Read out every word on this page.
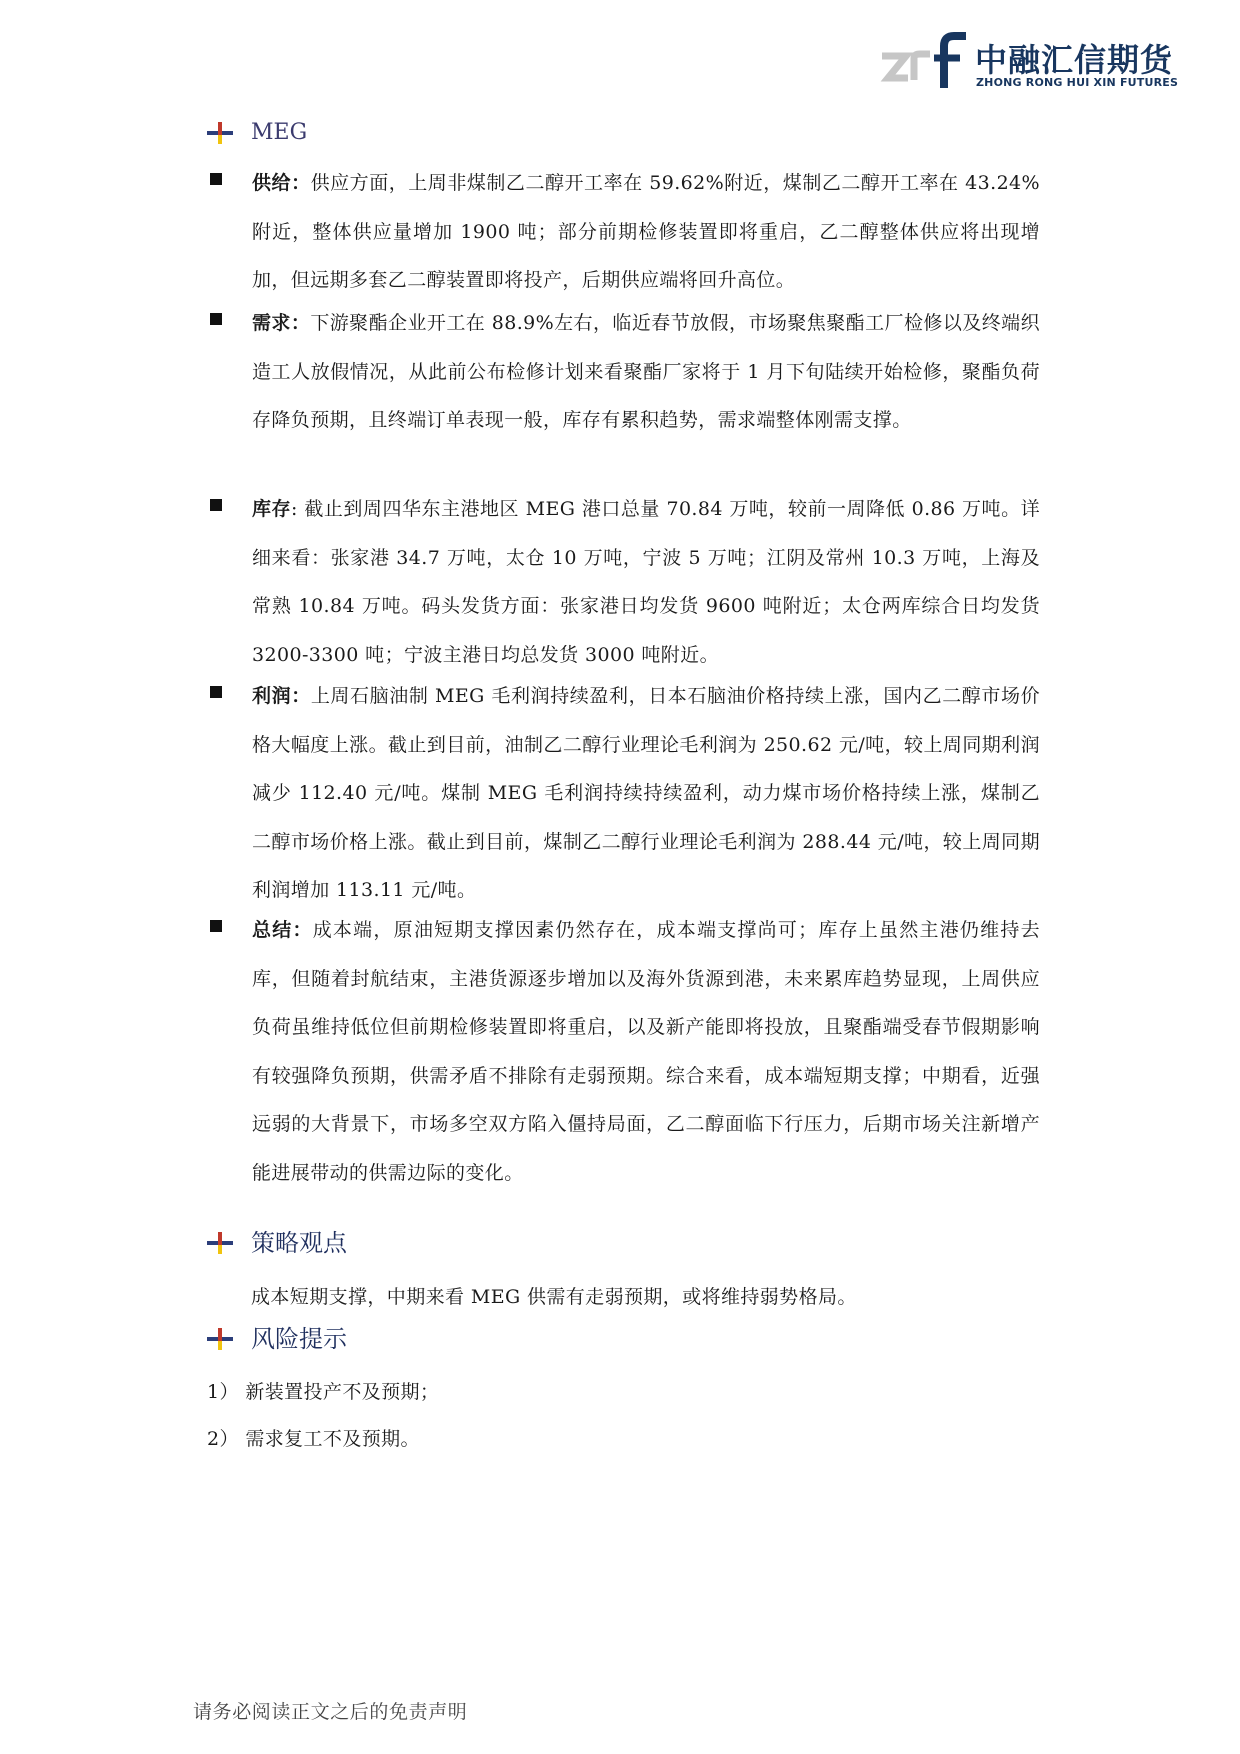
中融汇信期货
ZHONG RONG HUI XIN FUTURES
MEG
供给：供应方面，上周非煤制乙二醇开工率在 59.62%附近，煤制乙二醇开工率在 43.24%附近，整体供应量增加 1900 吨；部分前期检修装置即将重启，乙二醇整体供应将出现增加，但远期多套乙二醇装置即将投产，后期供应端将回升高位。
需求：下游聚酯企业开工在 88.9%左右，临近春节放假，市场聚焦聚酯工厂检修以及终端织造工人放假情况，从此前公布检修计划来看聚酯厂家将于 1 月下旬陆续开始检修，聚酯负荷存降负预期，且终端订单表现一般，库存有累积趋势，需求端整体刚需支撑。
库存: 截止到周四华东主港地区 MEG 港口总量 70.84 万吨，较前一周降低 0.86 万吨。详细来看：张家港 34.7 万吨，太仓 10 万吨，宁波 5 万吨；江阴及常州 10.3 万吨，上海及常熟 10.84 万吨。码头发货方面：张家港日均发货 9600 吨附近；太仓两库综合日均发货 3200-3300 吨；宁波主港日均总发货 3000 吨附近。
利润：上周石脑油制 MEG 毛利润持续盈利，日本石脑油价格持续上涨，国内乙二醇市场价格大幅度上涨。截止到目前，油制乙二醇行业理论毛利润为 250.62 元/吨，较上周同期利润减少 112.40 元/吨。煤制 MEG 毛利润持续持续盈利，动力煤市场价格持续上涨，煤制乙二醇市场价格上涨。截止到目前，煤制乙二醇行业理论毛利润为 288.44 元/吨，较上周同期利润增加 113.11 元/吨。
总结：成本端，原油短期支撑因素仍然存在，成本端支撑尚可；库存上虽然主港仍维持去库，但随着封航结束，主港货源逐步增加以及海外货源到港，未来累库趋势显现，上周供应负荷虽维持低位但前期检修装置即将重启，以及新产能即将投放，且聚酯端受春节假期影响有较强降负预期，供需矛盾不排除有走弱预期。综合来看，成本端短期支撑；中期看，近强远弱的大背景下，市场多空双方陷入僵持局面，乙二醇面临下行压力，后期市场关注新增产能进展带动的供需边际的变化。
策略观点
成本短期支撑，中期来看 MEG 供需有走弱预期，或将维持弱势格局。
风险提示
1） 新装置投产不及预期；
2） 需求复工不及预期。
请务必阅读正文之后的免责声明
